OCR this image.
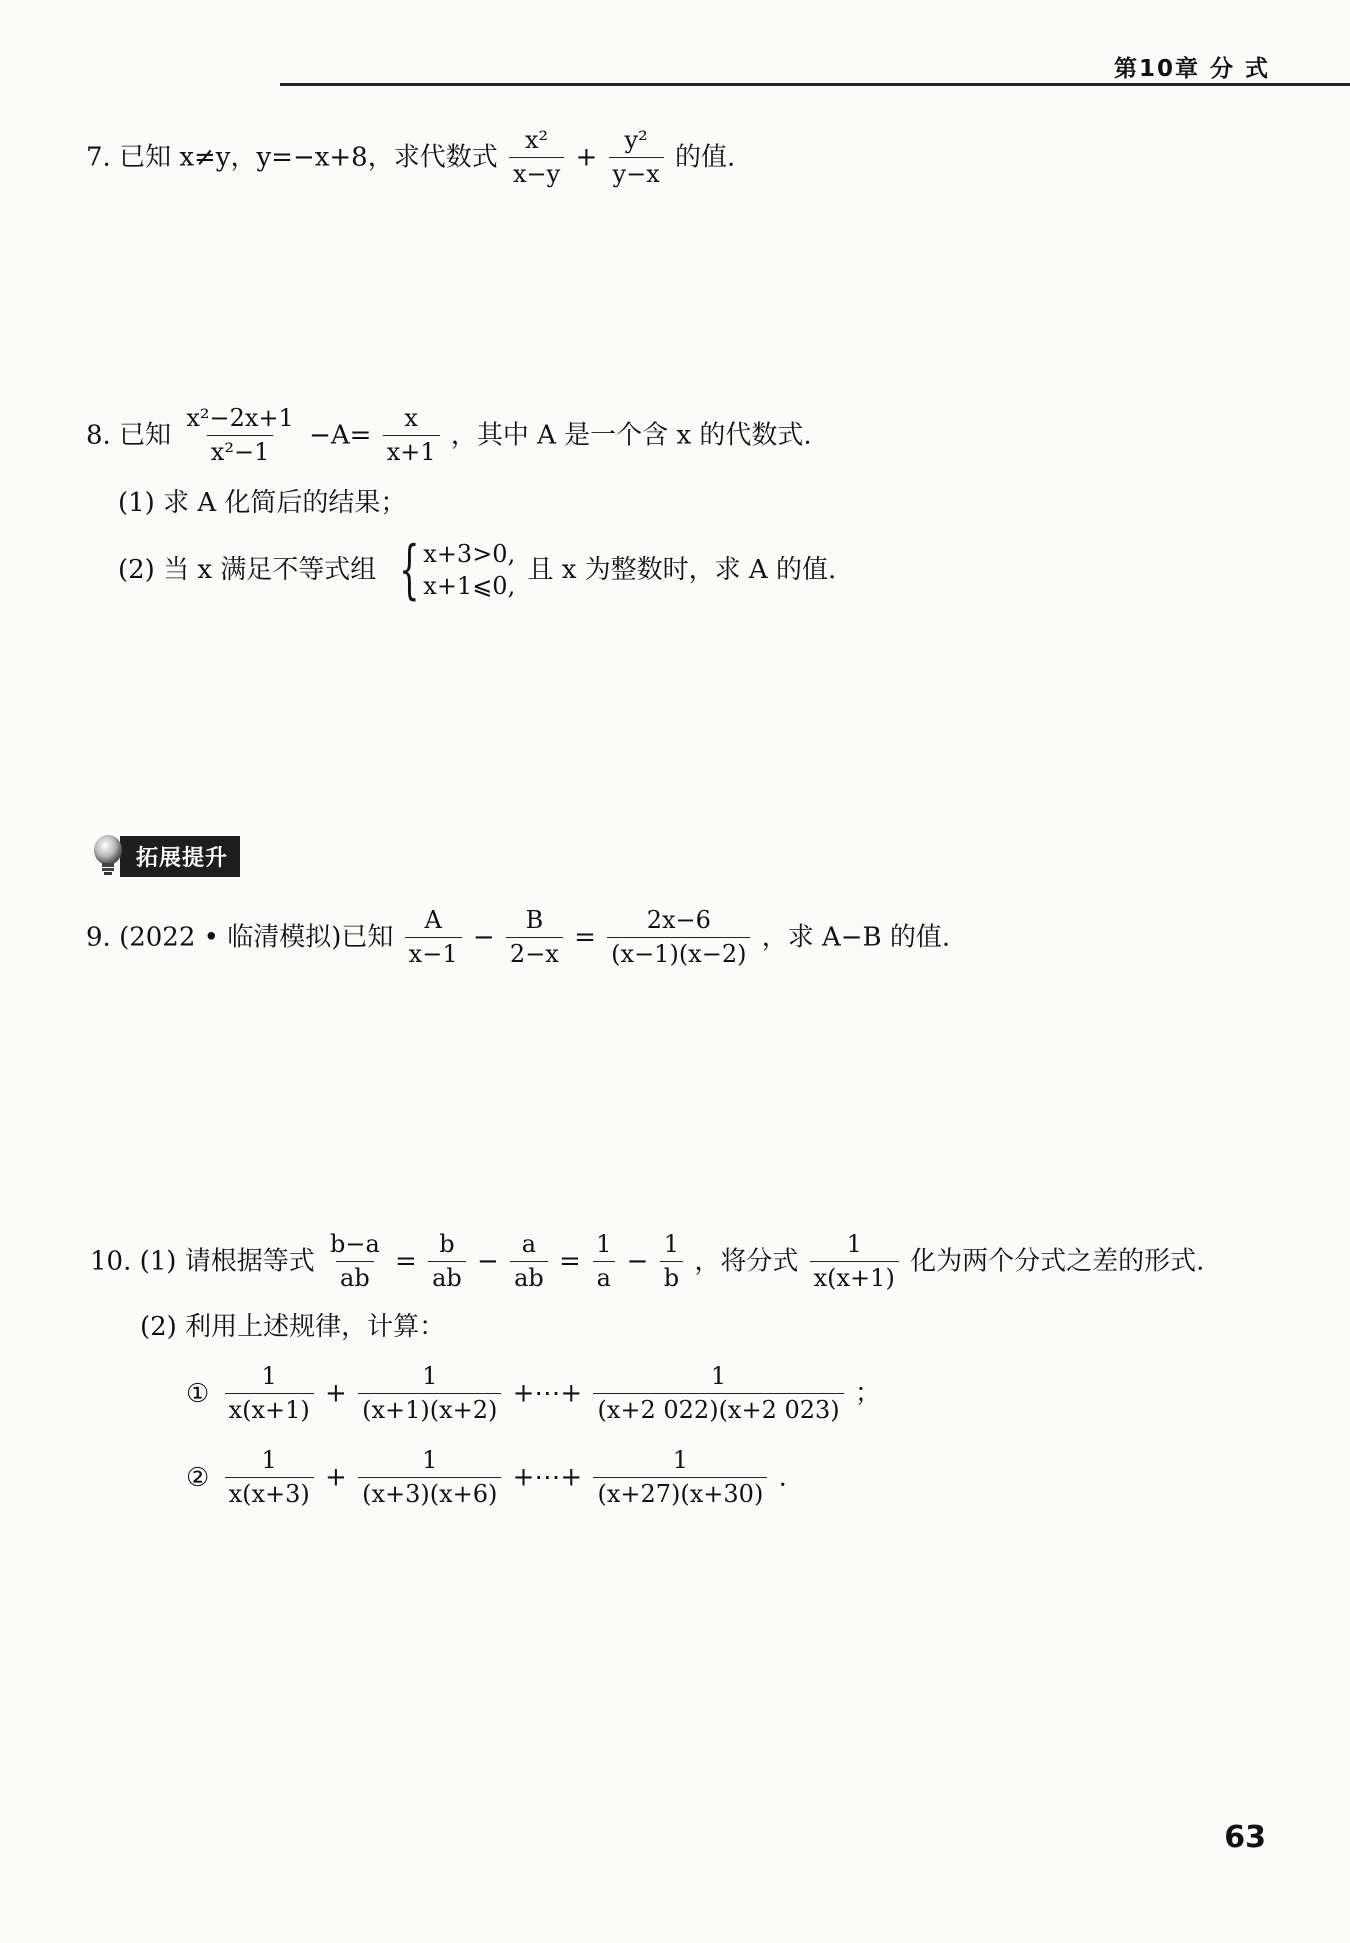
第10章 分 式
7. 已知 x≠y，y=−x+8，求代数式 $\frac{\text{x²}}{x-y} + \frac{\text{y²}}{y-x}$ 的值.
8. 已知 $\frac{\text{x²−2x+1}}{\text{x²−1}} -A= \frac{x}{x+1}$ ，其中 A 是一个含 x 的代数式.
(1) 求 A 化简后的结果；
(2) 当 x 满足不等式组 { x+3>0,
x+1⩽0,
且 x 为整数时，求 A 的值.
拓展提升
9. (2022 • 临清模拟)已知 $\frac{A}{x-1} - \frac{B}{2-x} = \frac{2x-6}{(x-1)(x-2)}$ ，求 A−B 的值.
10. (1) 请根据等式 $\frac{b-a}{ab} = \frac{b}{ab} - \frac{a}{ab} = \frac{1}{a} - \frac{1}{b}$ ，将分式 $\frac{1}{x(x+1)}$ 化为两个分式之差的形式.
(2) 利用上述规律，计算：
① $\frac{1}{x(x+1)} + \frac{1}{(x+1)(x+2)}$ +⋯+ $\frac{1}{(x+2 022)(x+2 023)}$ ；
② $\frac{1}{x(x+3)} + \frac{1}{(x+3)(x+6)}$ +⋯+ $\frac{1}{(x+27)(x+30)}$ .
63
